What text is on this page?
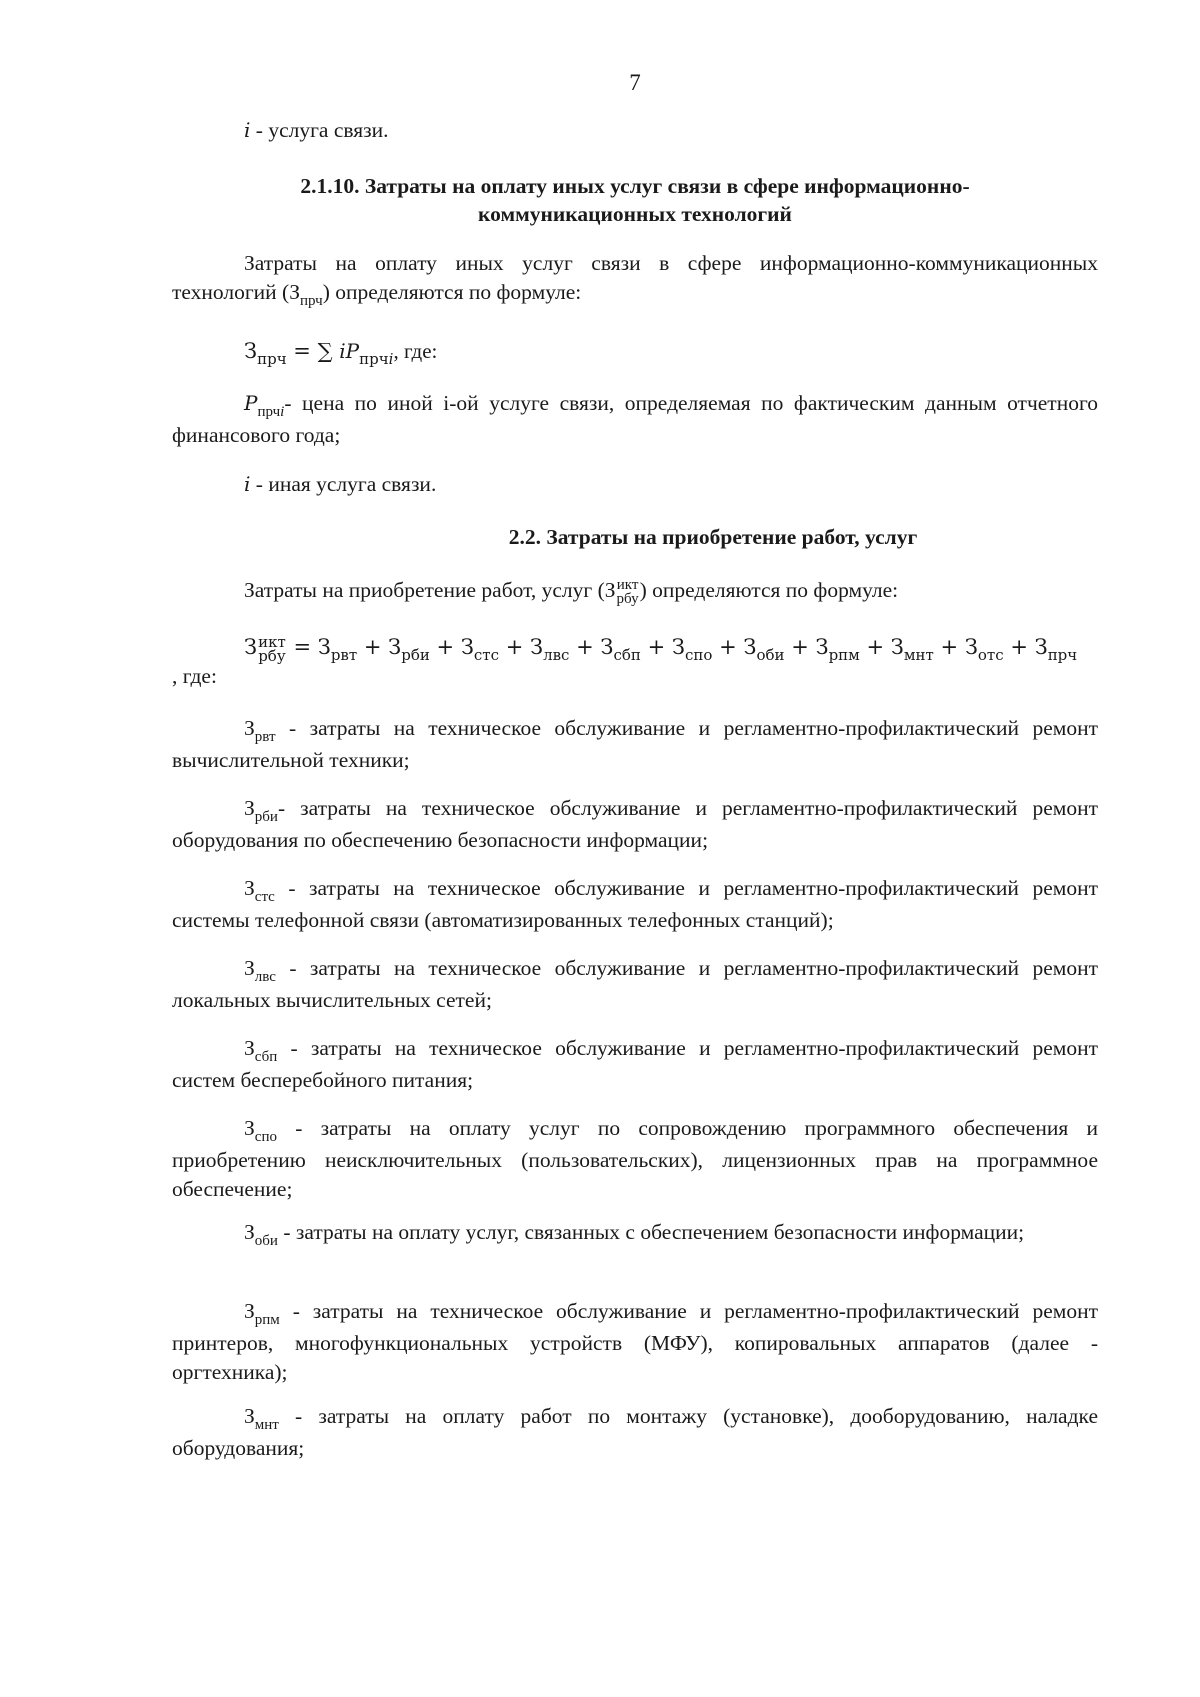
7

i - услуга связи.

2.1.10. Затраты на оплату иных услуг связи в сфере информационно-
коммуникационных технологий

Затраты на оплату иных услуг связи в сфере информационно-коммуникационных технологий $(З_{прч})$ определяются по формуле:

$З_{прч}$ = ∑ $iP_{прчi}$, где:

$P_{прчi}-$ цена по иной i-ой услуге связи, определяемая по фактическим данным отчетного финансового года;

i - иная услуга связи.

2.2. Затраты на приобретение работ, услуг

Затраты на приобретение работ, услуг (З икт
рбу ) определяются по формуле:

З икт
рбу = $З_{рвт} + З_{рби} + З_{стс} + З_{лвс} + З_{сбп} + З_{спо} + З_{оби} + З_{рпм} + З_{мнт} + З_{отс} + З_{прч}$

, где:

$З_{рвт}$ - затраты на техническое обслуживание и регламентно-профилактический ремонт вычислительной техники;

$З_{рби}-$ затраты на техническое обслуживание и регламентно-профилактический ремонт оборудования по обеспечению безопасности информации;

$З_{стс}$ - затраты на техническое обслуживание и регламентно-профилактический ремонт системы телефонной связи (автоматизированных телефонных станций);

$З_{лвс}$ - затраты на техническое обслуживание и регламентно-профилактический ремонт локальных вычислительных сетей;

$З_{сбп}$ - затраты на техническое обслуживание и регламентно-профилактический ремонт систем бесперебойного питания;

$З_{спо}$ - затраты на оплату услуг по сопровождению программного обеспечения и приобретению неисключительных (пользовательских), лицензионных прав на программное обеспечение;

$З_{оби}$ - затраты на оплату услуг, связанных с обеспечением безопасности информации;

$З_{рпм}$ - затраты на техническое обслуживание и регламентно-профилактический ремонт принтеров, многофункциональных устройств (МФУ), копировальных аппаратов (далее - оргтехника);

$З_{мнт}$ - затраты на оплату работ по монтажу (установке), дооборудованию, наладке оборудования;
